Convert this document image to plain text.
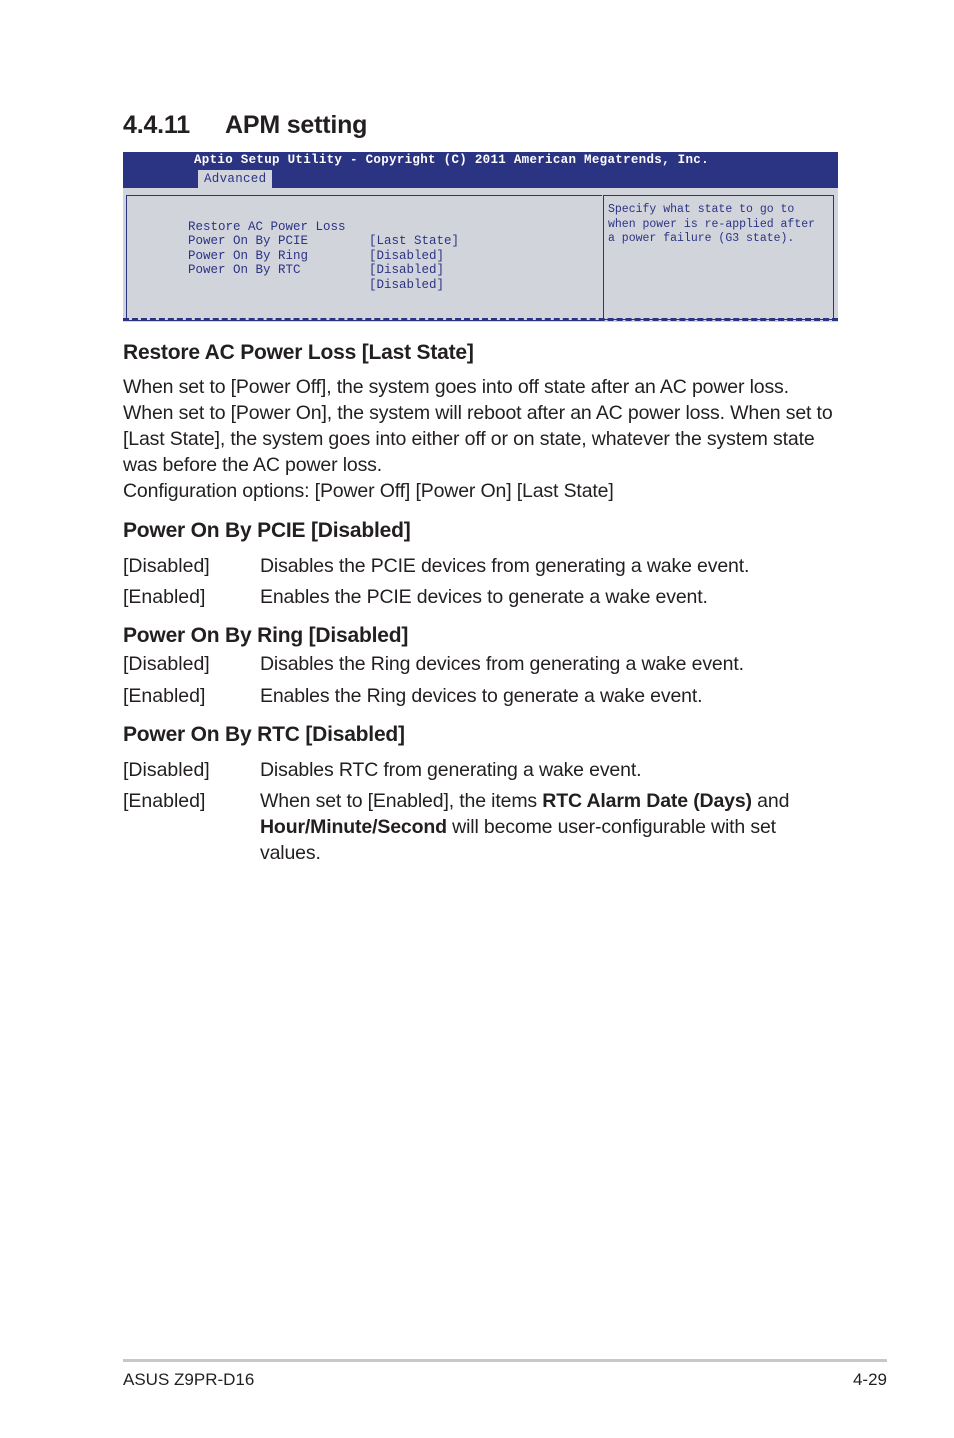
4.4.11 APM setting
Aptio Setup Utility - Copyright (C) 2011 American Megatrends, Inc.
Advanced

Restore AC Power Loss

[Last State]

Power On By PCIE

[Disabled]

Power On By Ring

[Disabled]

Power On By RTC

[Disabled]

Specify what state to go to
when power is re-applied after
a power failure (G3 state).
Restore AC Power Loss [Last State]

When set to [Power Off], the system goes into off state after an AC power loss. When set to [Power On], the system will reboot after an AC power loss. When set to [Last State], the system goes into either off or on state, whatever the system state was before the AC power loss.

Configuration options: [Power Off] [Power On] [Last State]

Power On By PCIE [Disabled]

[Disabled]	Disables the PCIE devices from generating a wake event.

[Enabled]	Enables the PCIE devices to generate a wake event.

Power On By Ring [Disabled]

[Disabled]	Disables the Ring devices from generating a wake event.

[Enabled]	Enables the Ring devices to generate a wake event.

Power On By RTC [Disabled]

[Disabled]	Disables RTC from generating a wake event.

[Enabled]	When set to [Enabled], the items RTC Alarm Date (Days) and Hour/Minute/Second will become user-configurable with set values.

ASUS Z9PR-D16	4-29
